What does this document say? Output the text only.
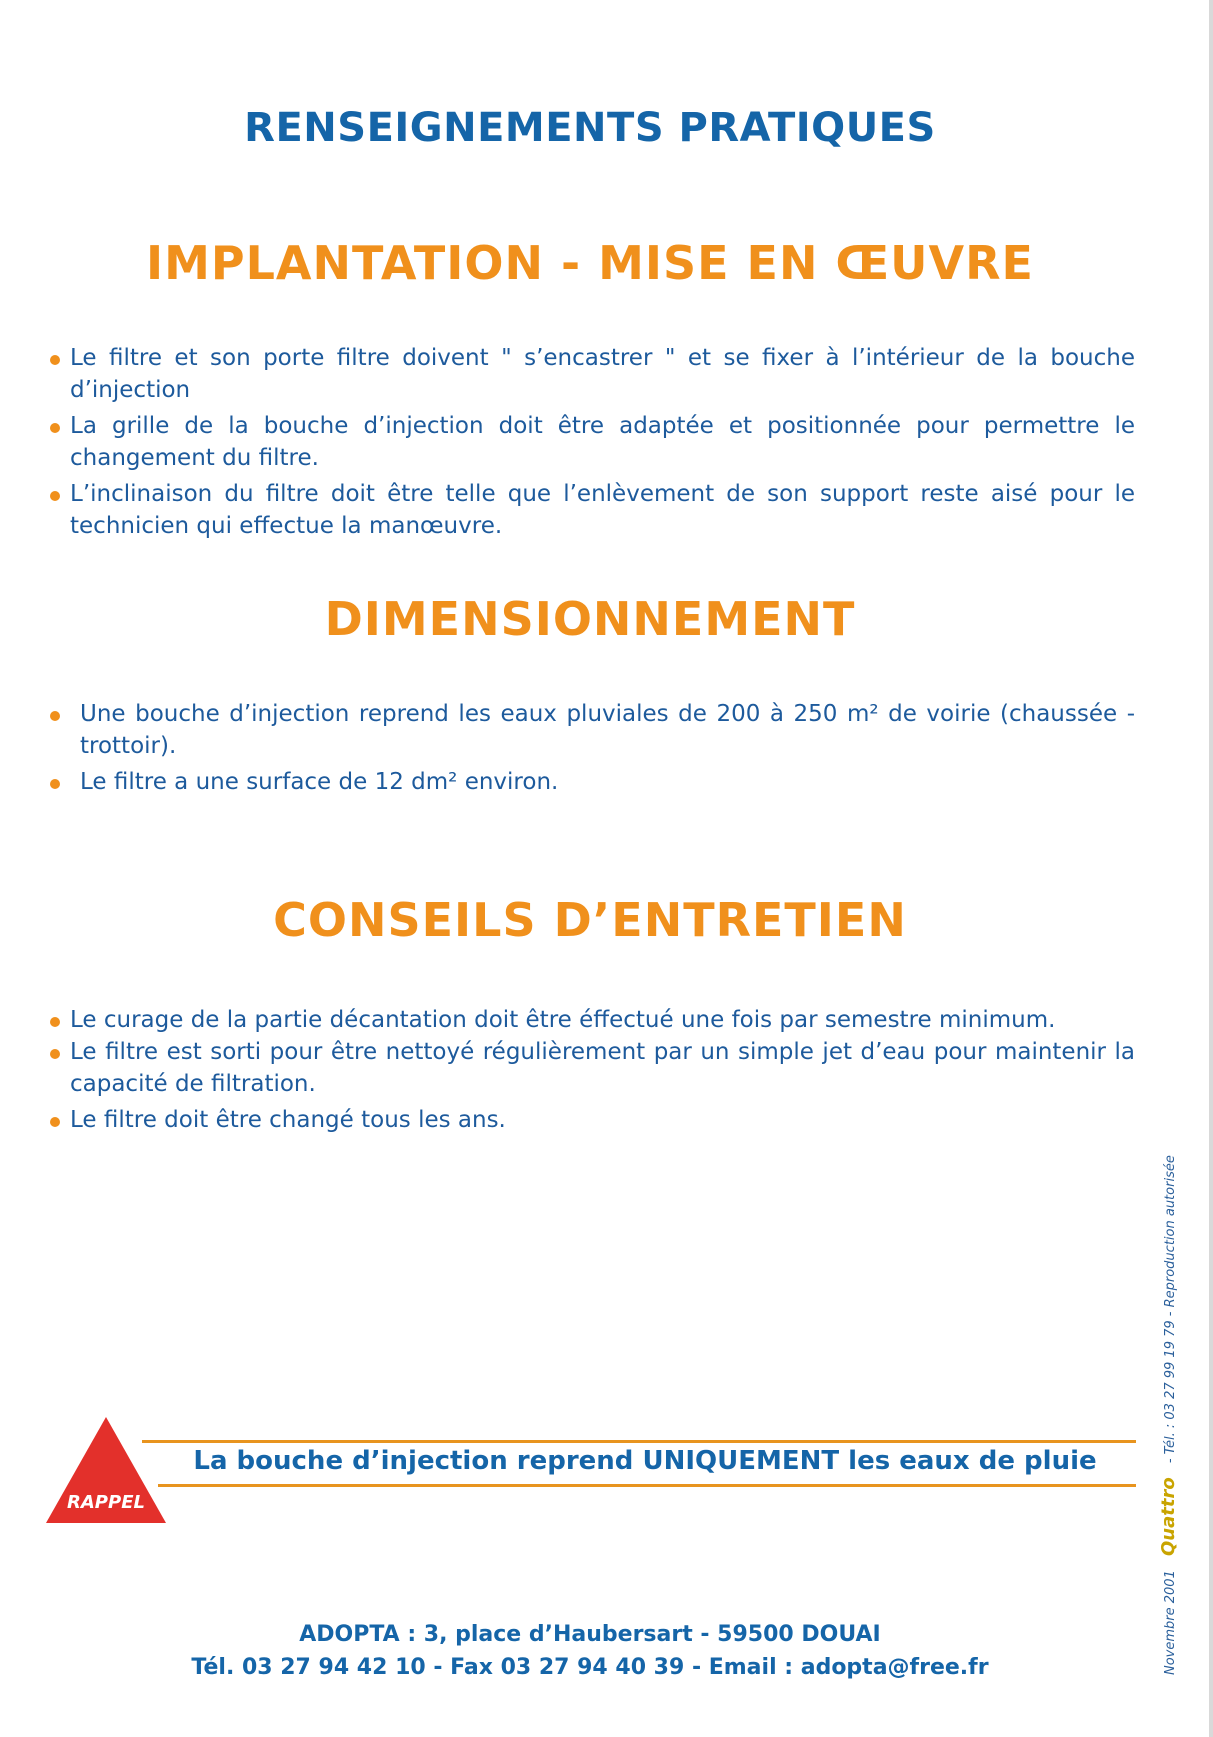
RENSEIGNEMENTS PRATIQUES
IMPLANTATION - MISE EN ŒUVRE
Le filtre et son porte filtre doivent " s’encastrer " et se fixer à l’intérieur de la bouche d’injection
La grille de la bouche d’injection doit être adaptée et positionnée pour permettre le changement du filtre.
L’inclinaison du filtre doit être telle que l’enlèvement de son support reste aisé pour le technicien qui effectue la manœuvre.
DIMENSIONNEMENT
Une bouche d’injection reprend les eaux pluviales de 200 à 250 m² de voirie (chaussée - trottoir).
Le filtre a une surface de 12 dm² environ.
CONSEILS D’ENTRETIEN
Le curage de la partie décantation doit être éffectué une fois par semestre minimum.
Le filtre est sorti pour être nettoyé régulièrement par un simple jet d’eau pour maintenir la capacité de filtration.
Le filtre doit être changé tous les ans.
RAPPEL
La bouche d’injection reprend UNIQUEMENT les eaux de pluie
ADOPTA : 3, place d’Haubersart - 59500 DOUAI
Tél. 03 27 94 42 10 - Fax 03 27 94 40 39 - Email : adopta@free.fr	Novembre 2001 Quattro - Tél. : 03 27 99 19 79 - Reproduction autorisée
